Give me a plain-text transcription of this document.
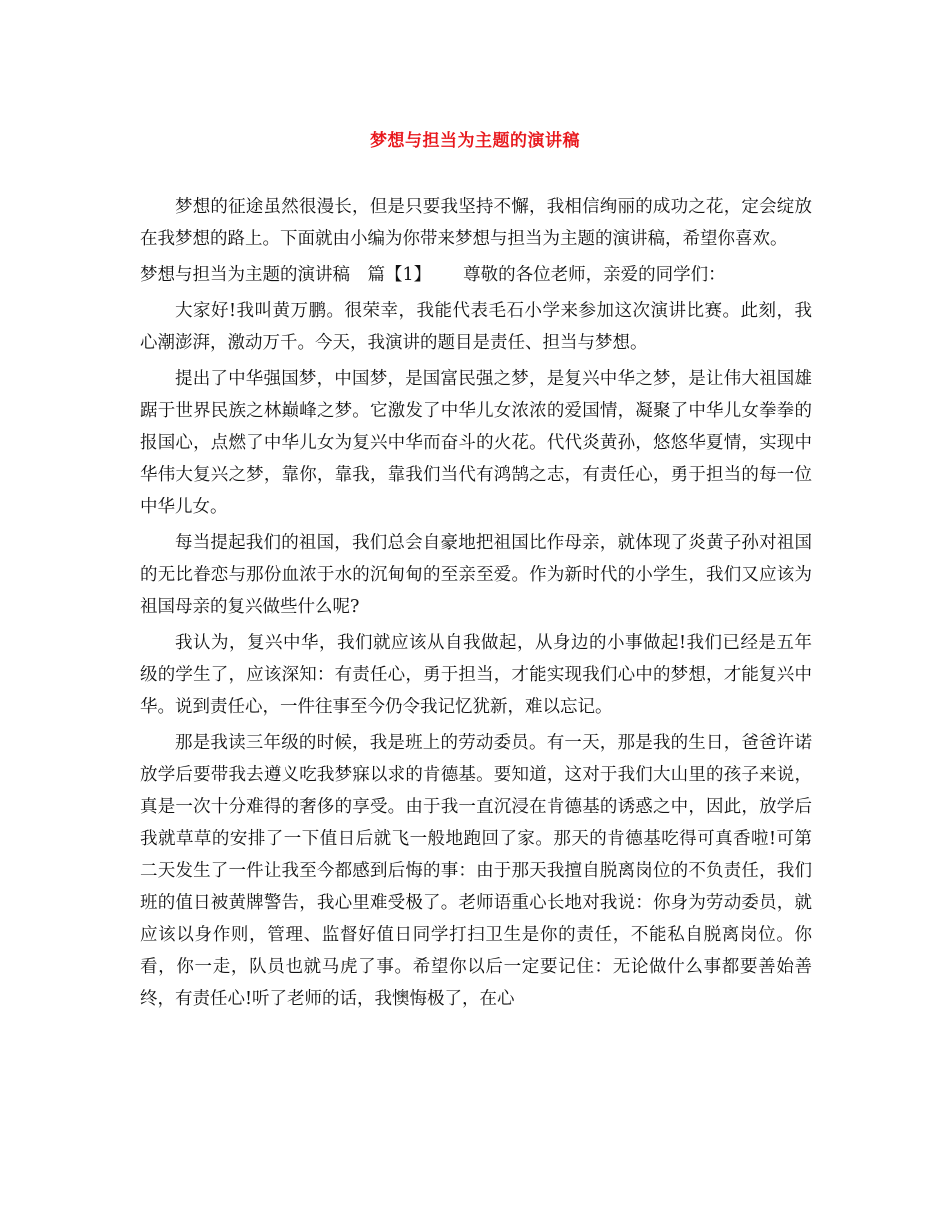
梦想与担当为主题的演讲稿

梦想的征途虽然很漫长，但是只要我坚持不懈，我相信绚丽的成功之花，定会绽放在我梦想的路上。下面就由小编为你带来梦想与担当为主题的演讲稿，希望你喜欢。

梦想与担当为主题的演讲稿　篇【1】 尊敬的各位老师，亲爱的同学们：

大家好!我叫黄万鹏。很荣幸，我能代表毛石小学来参加这次演讲比赛。此刻，我心潮澎湃，激动万千。今天，我演讲的题目是责任、担当与梦想。

提出了中华强国梦，中国梦，是国富民强之梦，是复兴中华之梦，是让伟大祖国雄踞于世界民族之林巅峰之梦。它激发了中华儿女浓浓的爱国情，凝聚了中华儿女拳拳的报国心，点燃了中华儿女为复兴中华而奋斗的火花。代代炎黄孙，悠悠华夏情，实现中华伟大复兴之梦，靠你，靠我，靠我们当代有鸿鹄之志，有责任心，勇于担当的每一位中华儿女。

每当提起我们的祖国，我们总会自豪地把祖国比作母亲，就体现了炎黄子孙对祖国的无比眷恋与那份血浓于水的沉甸甸的至亲至爱。作为新时代的小学生，我们又应该为祖国母亲的复兴做些什么呢?

我认为，复兴中华，我们就应该从自我做起，从身边的小事做起!我们已经是五年级的学生了，应该深知：有责任心，勇于担当，才能实现我们心中的梦想，才能复兴中华。说到责任心，一件往事至今仍令我记忆犹新，难以忘记。

那是我读三年级的时候，我是班上的劳动委员。有一天，那是我的生日，爸爸许诺放学后要带我去遵义吃我梦寐以求的肯德基。要知道，这对于我们大山里的孩子来说，真是一次十分难得的奢侈的享受。由于我一直沉浸在肯德基的诱惑之中，因此，放学后我就草草的安排了一下值日后就飞一般地跑回了家。那天的肯德基吃得可真香啦!可第二天发生了一件让我至今都感到后悔的事：由于那天我擅自脱离岗位的不负责任，我们班的值日被黄牌警告，我心里难受极了。老师语重心长地对我说：你身为劳动委员，就应该以身作则，管理、监督好值日同学打扫卫生是你的责任，不能私自脱离岗位。你看，你一走，队员也就马虎了事。希望你以后一定要记住：无论做什么事都要善始善终，有责任心!听了老师的话，我懊悔极了，在心
